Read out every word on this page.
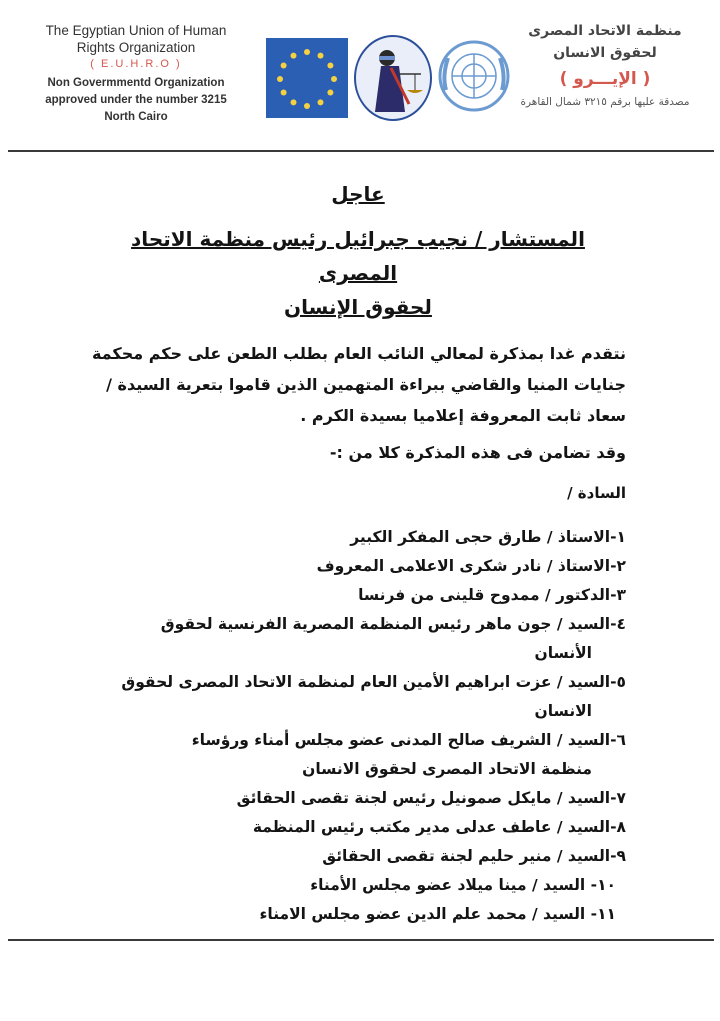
The Egyptian Union of Human
Rights Organization
( E.U.H.R.O )
Non Govermmentd Organization
approved under the number 3215
North Cairo
منظمة الاتحاد المصرى لحقوق الانسان
( الإيـــرو )
مصدقة عليها برقم ٣٢١٥ شمال القاهرة
عاجل
المستشار / نجيب جبرائيل رئيس منظمة الاتحاد المصرى
لحقوق الإنسان
نتقدم غدا بمذكرة لمعالي النائب العام بطلب الطعن على حكم محكمة
جنايات المنيا والقاضي ببراءة المتهمين الذين قاموا بتعرية السيدة /
سعاد ثابت المعروفة إعلاميا بسيدة الكرم .
وقد تضامن فى هذه المذكرة كلا من :-
السادة /
١-الاستاذ / طارق حجى المفكر الكبير
٢-الاستاذ / نادر شكرى الاعلامى المعروف
٣-الدكتور / ممدوح قلينى من فرنسا
٤-السيد / جون ماهر رئيس المنظمة المصرية الفرنسية لحقوق
الأنسان
٥-السيد / عزت ابراهيم الأمين العام لمنظمة الاتحاد المصرى لحقوق
الانسان
٦-السيد / الشريف صالح المدنى عضو مجلس أمناء ورؤساء
منظمة الاتحاد المصرى لحقوق الانسان
٧-السيد / مايكل صمونيل رئيس لجنة تقصى الحقائق
٨-السيد / عاطف عدلى مدير مكتب رئيس المنظمة
٩-السيد / منير حليم لجنة تقصى الحقائق
١٠- السيد / مينا ميلاد عضو مجلس الأمناء
١١- السيد / محمد علم الدين عضو مجلس الامناء
